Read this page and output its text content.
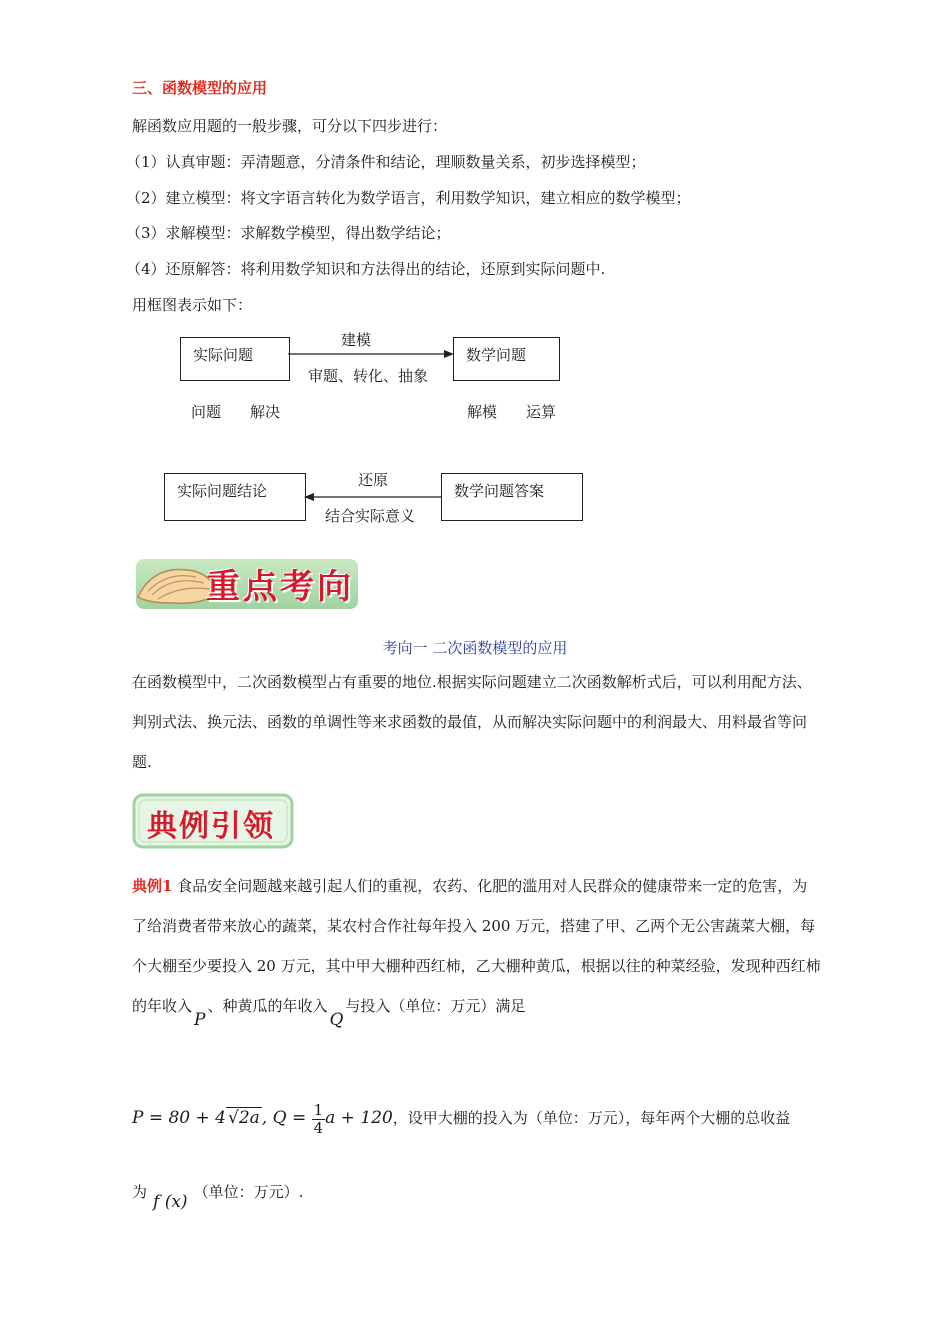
三、函数模型的应用
解函数应用题的一般步骤，可分以下四步进行：
（1）认真审题：弄清题意，分清条件和结论，理顺数量关系，初步选择模型；
（2）建立模型：将文字语言转化为数学语言，利用数学知识，建立相应的数学模型；
（3）求解模型：求解数学模型，得出数学结论；
（4）还原解答：将利用数学知识和方法得出的结论，还原到实际问题中.
用框图表示如下：
实际问题	数学问题
建模
审题、转化、抽象
问题 解决	解模 运算
实际问题结论	数学问题答案
还原
结合实际意义
重点考向
考向一 二次函数模型的应用
在函数模型中，二次函数模型占有重要的地位.根据实际问题建立二次函数解析式后，可以利用配方法、判别式法、换元法、函数的单调性等来求函数的最值，从而解决实际问题中的利润最大、用料最省等问题.
典例引领
典例1 食品安全问题越来越引起人们的重视，农药、化肥的滥用对人民群众的健康带来一定的危害，为了给消费者带来放心的蔬菜，某农村合作社每年投入 200 万元，搭建了甲、乙两个无公害蔬菜大棚，每个大棚至少要投入 20 万元，其中甲大棚种西红柿，乙大棚种黄瓜，根据以往的种菜经验，发现种西红柿的年收入P、种黄瓜的年收入Q与投入（单位：万元）满足
P = 80 + 4 √2a , $Q = \frac{1}{4}$ a + 120，设甲大棚的投入为（单位：万元），每年两个大棚的总收益
为 f (x) （单位：万元）.
